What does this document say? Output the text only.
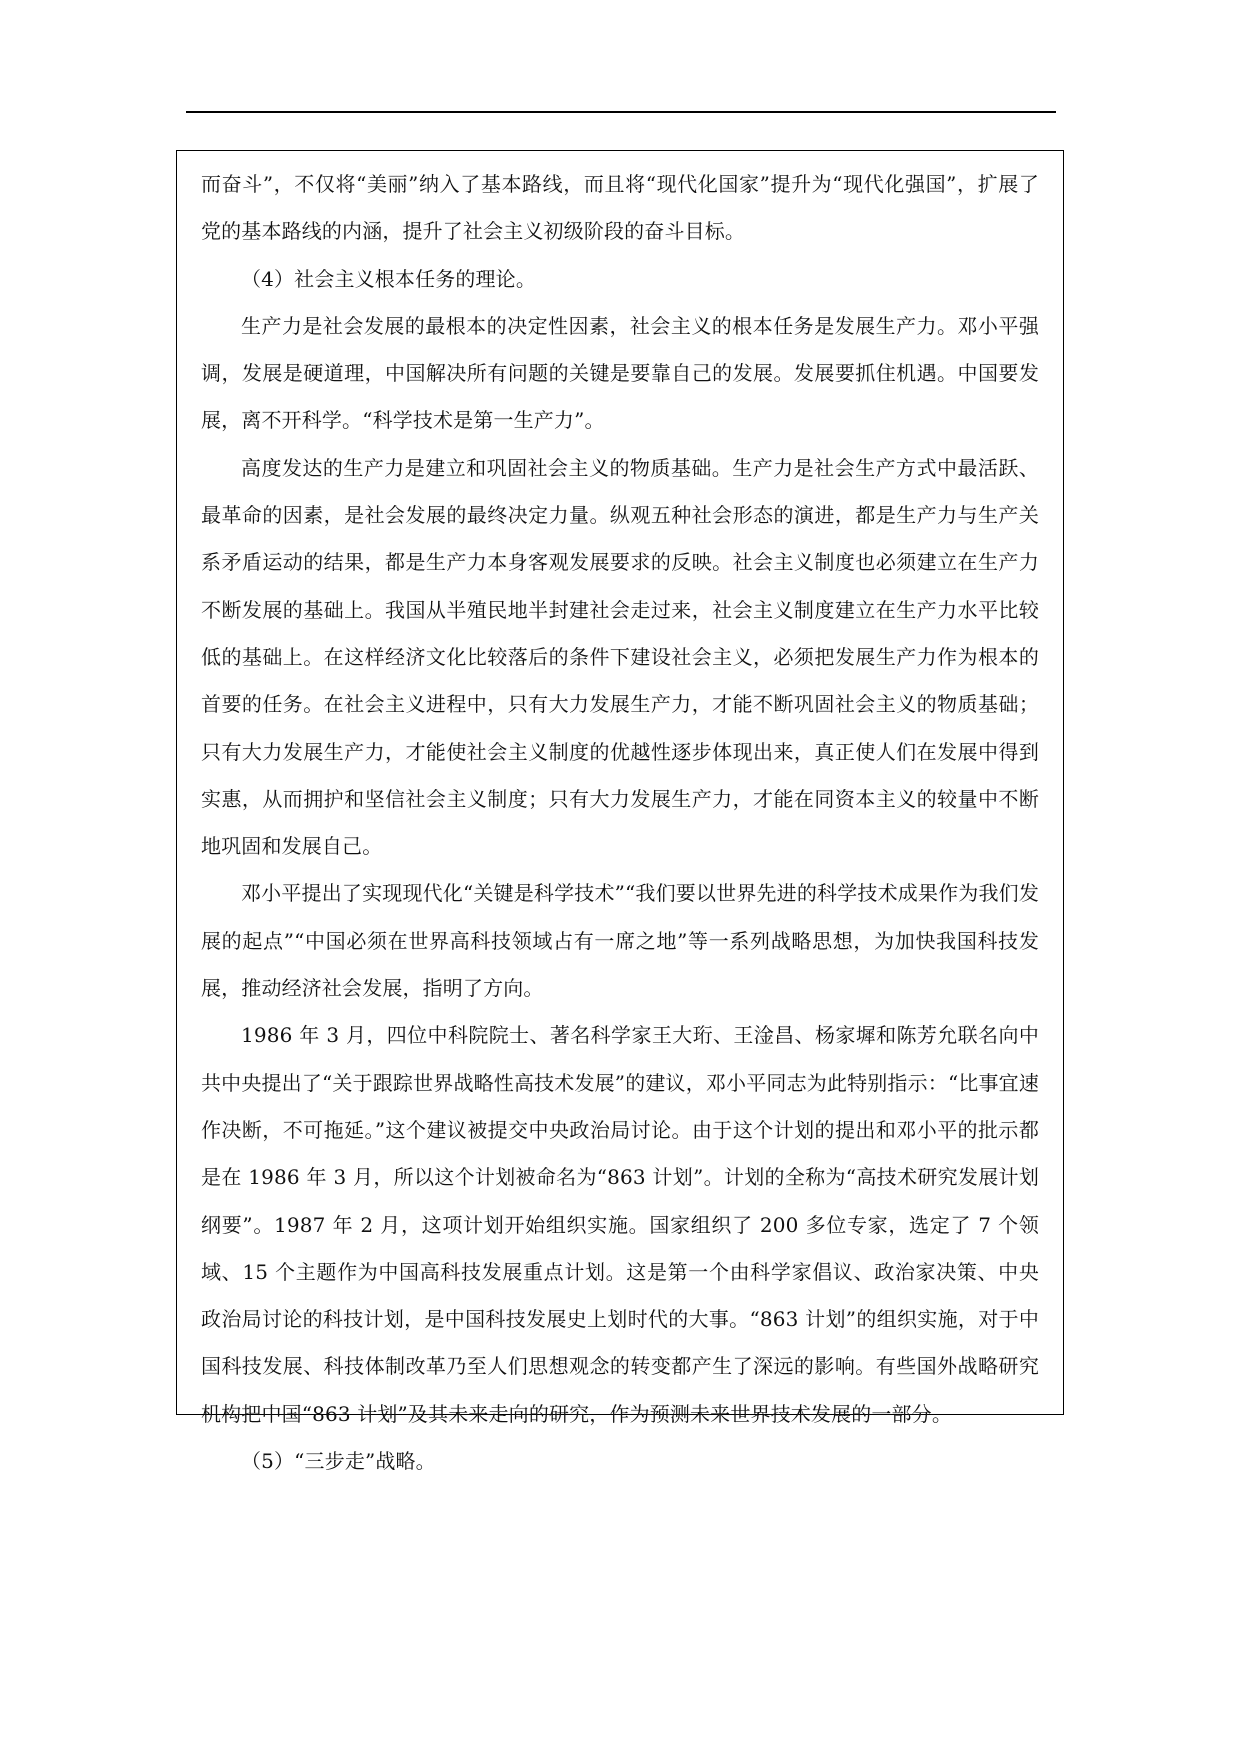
而奋斗”，不仅将“美丽”纳入了基本路线，而且将“现代化国家”提升为“现代化强国”，扩展了党的基本路线的内涵，提升了社会主义初级阶段的奋斗目标。

（4）社会主义根本任务的理论。

生产力是社会发展的最根本的决定性因素，社会主义的根本任务是发展生产力。邓小平强调，发展是硬道理，中国解决所有问题的关键是要靠自己的发展。发展要抓住机遇。中国要发展，离不开科学。“科学技术是第一生产力”。

高度发达的生产力是建立和巩固社会主义的物质基础。生产力是社会生产方式中最活跃、最革命的因素，是社会发展的最终决定力量。纵观五种社会形态的演进，都是生产力与生产关系矛盾运动的结果，都是生产力本身客观发展要求的反映。社会主义制度也必须建立在生产力不断发展的基础上。我国从半殖民地半封建社会走过来，社会主义制度建立在生产力水平比较低的基础上。在这样经济文化比较落后的条件下建设社会主义，必须把发展生产力作为根本的首要的任务。在社会主义进程中，只有大力发展生产力，才能不断巩固社会主义的物质基础；只有大力发展生产力，才能使社会主义制度的优越性逐步体现出来，真正使人们在发展中得到实惠，从而拥护和坚信社会主义制度；只有大力发展生产力，才能在同资本主义的较量中不断地巩固和发展自己。

邓小平提出了实现现代化“关键是科学技术”“我们要以世界先进的科学技术成果作为我们发展的起点”“中国必须在世界高科技领域占有一席之地”等一系列战略思想，为加快我国科技发展，推动经济社会发展，指明了方向。

1986 年 3 月，四位中科院院士、著名科学家王大珩、王淦昌、杨家墀和陈芳允联名向中共中央提出了“关于跟踪世界战略性高技术发展”的建议，邓小平同志为此特别指示：“比事宜速作决断，不可拖延。”这个建议被提交中央政治局讨论。由于这个计划的提出和邓小平的批示都是在 1986 年 3 月，所以这个计划被命名为“863 计划”。计划的全称为“高技术研究发展计划纲要”。1987 年 2 月，这项计划开始组织实施。国家组织了 200 多位专家，选定了 7 个领域、15 个主题作为中国高科技发展重点计划。这是第一个由科学家倡议、政治家决策、中央政治局讨论的科技计划，是中国科技发展史上划时代的大事。“863 计划”的组织实施，对于中国科技发展、科技体制改革乃至人们思想观念的转变都产生了深远的影响。有些国外战略研究机构把中国“863 计划”及其未来走向的研究，作为预测未来世界技术发展的一部分。

（5）“三步走”战略。
